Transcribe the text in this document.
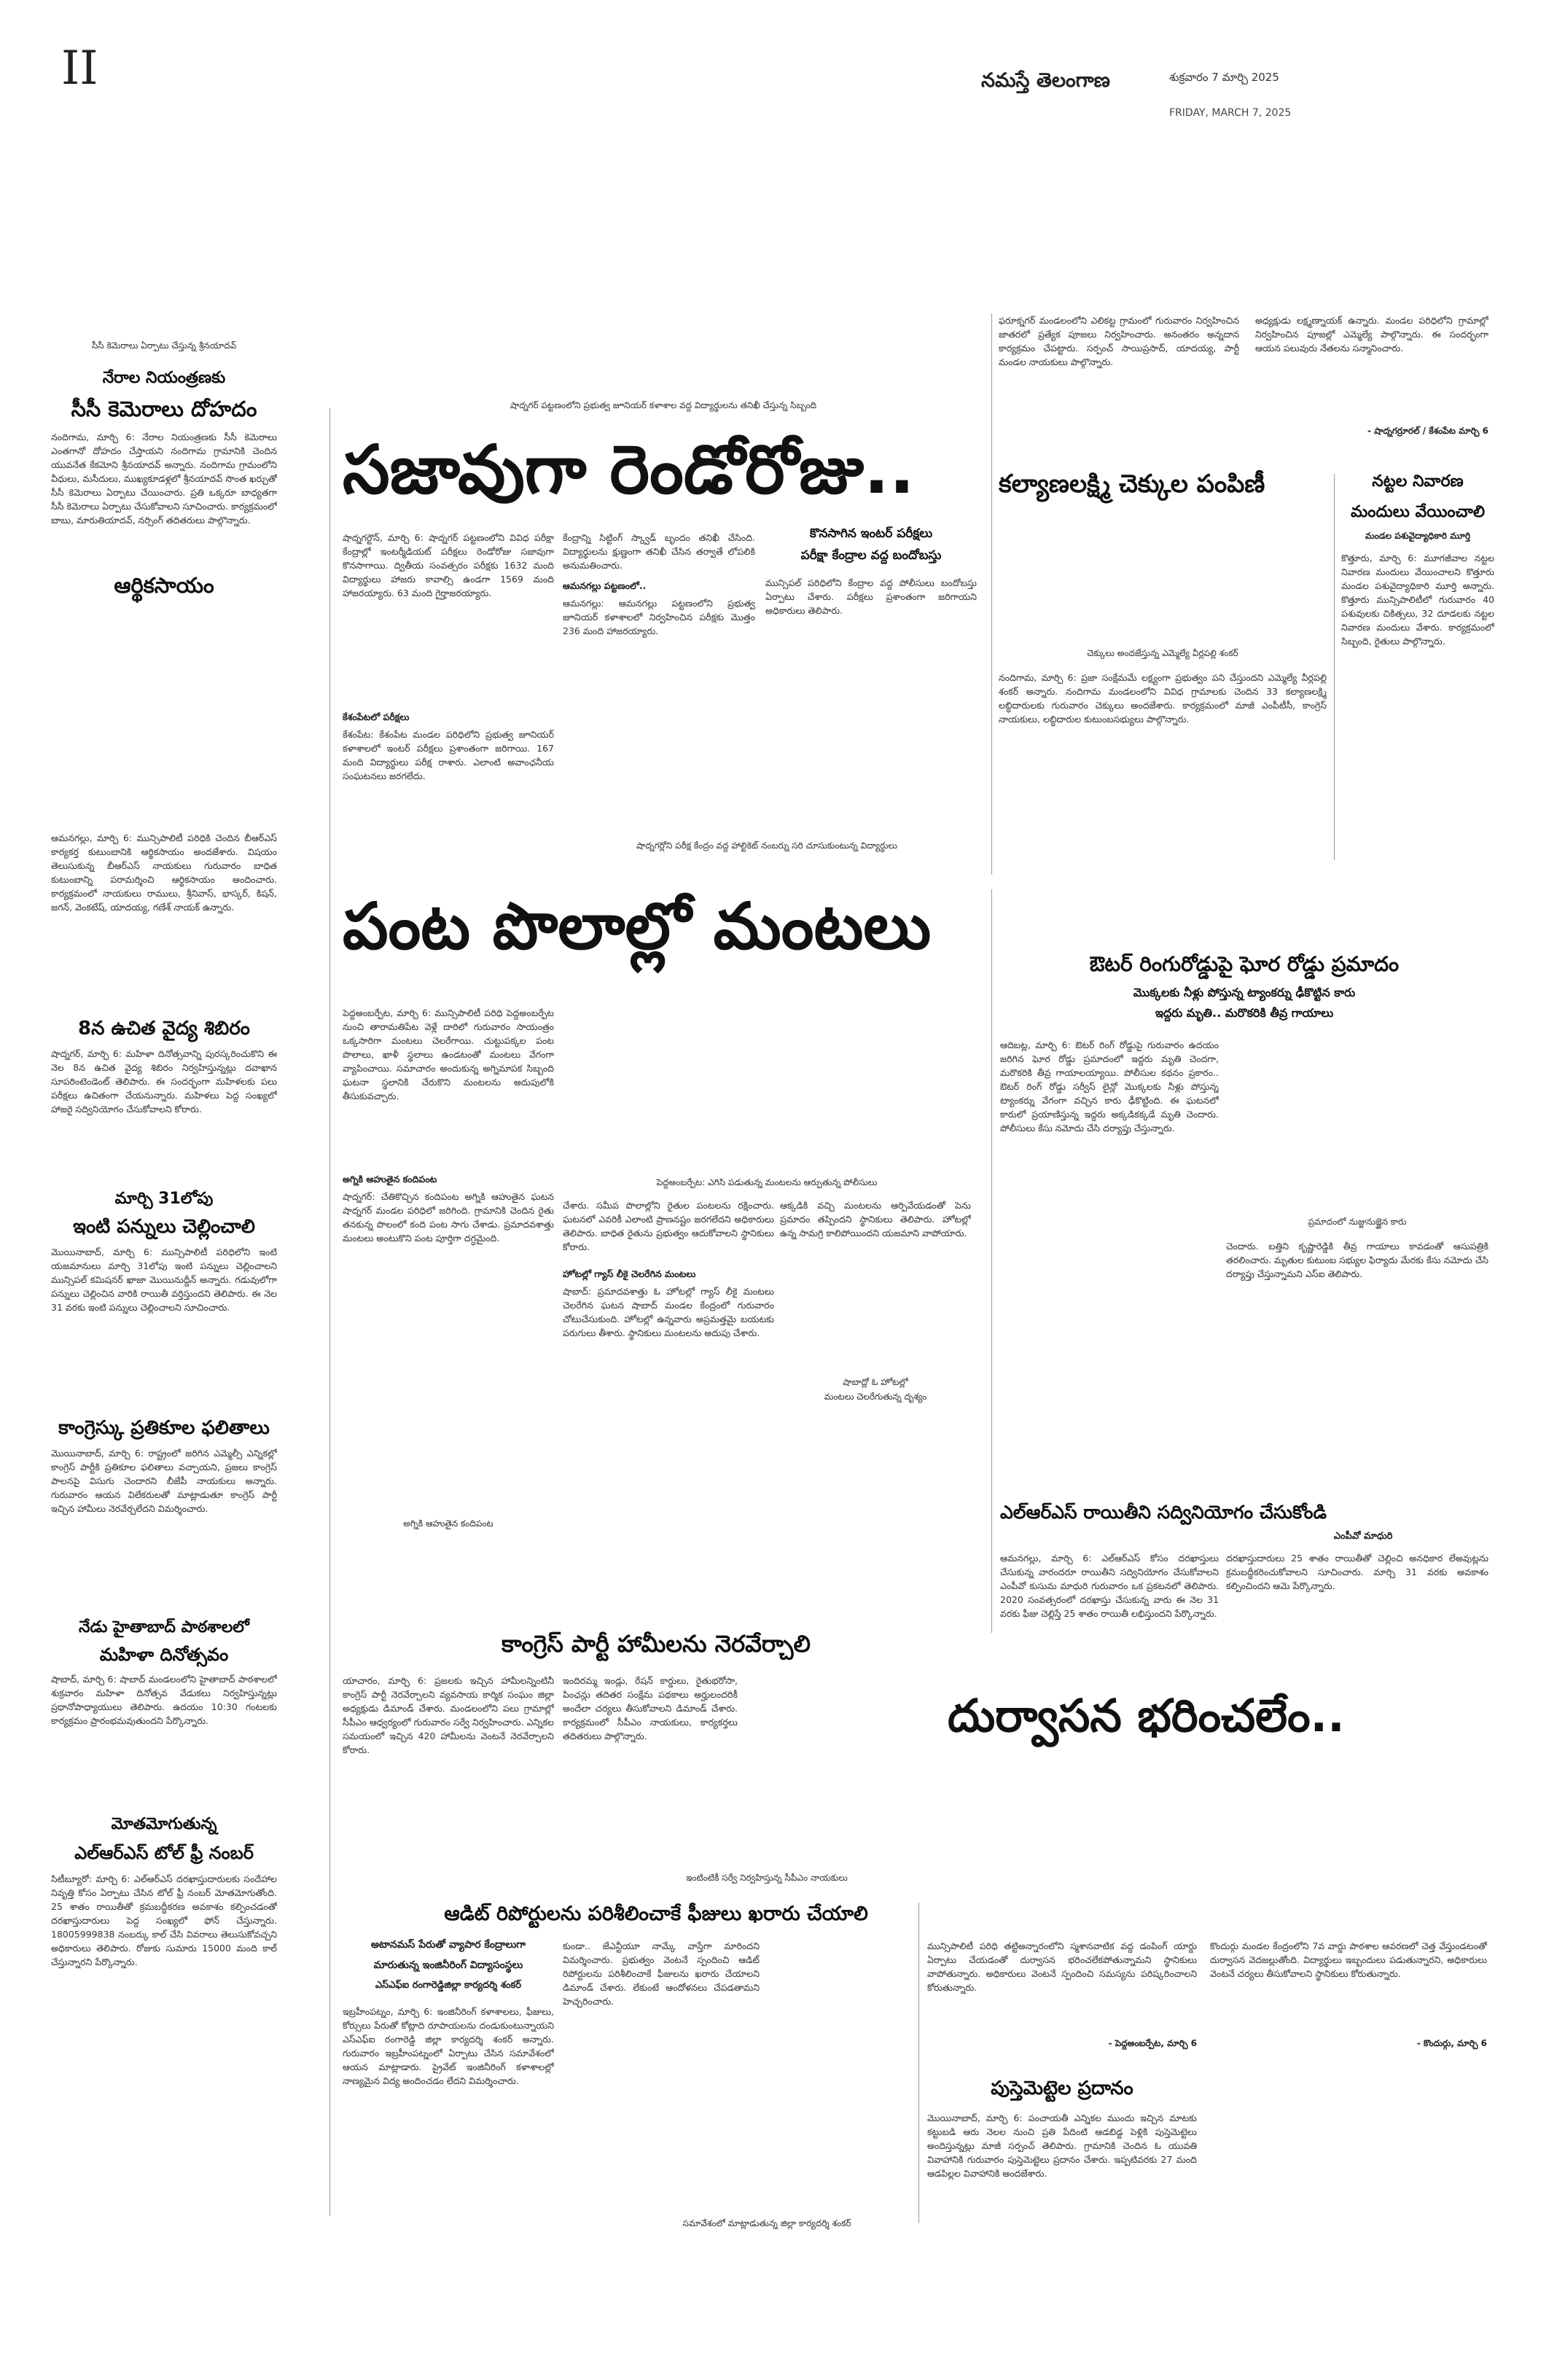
II	నమస్తే తెలంగాణ	శుక్రవారం 7 మార్చి 2025
FRIDAY, MARCH 7, 2025
సీసీ కెమెరాలు ఏర్పాటు చేస్తున్న శ్రీనయాదవ్
నేరాల నియంత్రణకు
సీసీ కెమెరాలు దోహదం
నందిగామ, మార్చి 6: నేరాల నియంత్రణకు సీసీ కెమెరాలు ఎంతగానో దోహదం చేస్తాయని నందిగామ గ్రామానికి చెందిన యువనేత కేకమోని శ్రీనయాదవ్ అన్నారు. నందిగామ గ్రామంలోని వీధులు, మసీదులు, ముఖ్యకూడళ్లలో శ్రీనయాదవ్ సొంత ఖర్చుతో సీసీ కెమెరాలు ఏర్పాటు చేయించారు. ప్రతి ఒక్కరూ బాధ్యతగా సీసీ కెమెరాలు ఏర్పాటు చేసుకోవాలని సూచించారు. కార్యక్రమంలో బాబు, మారుతియాదవ్, నర్సింగ్ తదితరులు పాల్గొన్నారు.
ఆర్థికసాయం
ఆమనగల్లు, మార్చి 6: మున్సిపాలిటీ పరిధికి చెందిన బీఆర్ఎస్ కార్యకర్త కుటుంబానికి ఆర్థికసాయం అందజేశారు. విషయం తెలుసుకున్న బీఆర్ఎస్ నాయకులు గురువారం బాధిత కుటుంబాన్ని పరామర్శించి ఆర్థికసాయం అందించారు. కార్యక్రమంలో నాయకులు రాములు, శ్రీనివాస్, భాస్కర్, కిషన్, జగన్, వెంకటేష్, యాదయ్య, గణేశ్ నాయక్ ఉన్నారు.
8న ఉచిత వైద్య శిబిరం
షాద్నగర్, మార్చి 6: మహిళా దినోత్సవాన్ని పురస్కరించుకొని ఈ నెల 8న ఉచిత వైద్య శిబిరం నిర్వహిస్తున్నట్లు దవాఖాన సూపరింటెండెంట్ తెలిపారు. ఈ సందర్భంగా మహిళలకు పలు పరీక్షలు ఉచితంగా చేయనున్నారు. మహిళలు పెద్ద సంఖ్యలో హాజరై సద్వినియోగం చేసుకోవాలని కోరారు.
మార్చి 31లోపు
ఇంటి పన్నులు చెల్లించాలి
మొయినాబాద్, మార్చి 6: మున్సిపాలిటీ పరిధిలోని ఇంటి యజమానులు మార్చి 31లోపు ఇంటి పన్నులు చెల్లించాలని మున్సిపల్ కమిషనర్ ఖాజా మొయినుద్దీన్ అన్నారు. గడువులోగా పన్నులు చెల్లించిన వారికి రాయితీ వర్తిస్తుందని తెలిపారు. ఈ నెల 31 వరకు ఇంటి పన్నులు చెల్లించాలని సూచించారు.
కాంగ్రెస్కు ప్రతికూల ఫలితాలు
మొయినాబాద్, మార్చి 6: రాష్ట్రంలో జరిగిన ఎమ్మెల్సీ ఎన్నికల్లో కాంగ్రెస్ పార్టీకి ప్రతికూల ఫలితాలు వచ్చాయని, ప్రజలు కాంగ్రెస్ పాలనపై విసుగు చెందారని బీజేపీ నాయకులు అన్నారు. గురువారం ఆయన విలేకరులతో మాట్లాడుతూ కాంగ్రెస్ పార్టీ ఇచ్చిన హామీలు నెరవేర్చలేదని విమర్శించారు.
నేడు హైతాబాద్ పాఠశాలలో
మహిళా దినోత్సవం
షాబాద్, మార్చి 6: షాబాద్ మండలంలోని హైతాబాద్ పాఠశాలలో శుక్రవారం మహిళా దినోత్సవ వేడుకలు నిర్వహిస్తున్నట్లు ప్రధానోపాధ్యాయులు తెలిపారు. ఉదయం 10:30 గంటలకు కార్యక్రమం ప్రారంభమవుతుందని పేర్కొన్నారు.
మోతమోగుతున్న
ఎల్ఆర్ఎస్ టోల్ ఫ్రీ నంబర్
సిటీబ్యూరో: మార్చి 6: ఎల్ఆర్ఎస్ దరఖాస్తుదారులకు సందేహాల నివృత్తి కోసం ఏర్పాటు చేసిన టోల్ ఫ్రీ నంబర్ మోతమోగుతోంది. 25 శాతం రాయితీతో క్రమబద్ధీకరణ అవకాశం కల్పించడంతో దరఖాస్తుదారులు పెద్ద సంఖ్యలో ఫోన్ చేస్తున్నారు. 18005999838 నంబర్కు కాల్ చేసి వివరాలు తెలుసుకోవచ్చని అధికారులు తెలిపారు. రోజుకు సుమారు 15000 మంది కాల్ చేస్తున్నారని పేర్కొన్నారు.
షాద్నగర్ పట్టణంలోని ప్రభుత్వ జూనియర్ కళాశాల వద్ద విద్యార్థులను తనిఖీ చేస్తున్న సిబ్బంది
సజావుగా రెండోరోజు..
షాద్నగర్టౌన్, మార్చి 6: షాద్నగర్ పట్టణంలోని వివిధ పరీక్షా కేంద్రాల్లో ఇంటర్మీడియట్ పరీక్షలు రెండోరోజు సజావుగా కొనసాగాయి. ద్వితీయ సంవత్సరం పరీక్షకు 1632 మంది విద్యార్థులు హాజరు కావాల్సి ఉండగా 1569 మంది హాజరయ్యారు. 63 మంది గైర్హాజరయ్యారు.
కేశంపేటలో పరీక్షలు
కేశంపేట: కేశంపేట మండల పరిధిలోని ప్రభుత్వ జూనియర్ కళాశాలలో ఇంటర్ పరీక్షలు ప్రశాంతంగా జరిగాయి. 167 మంది విద్యార్థులు పరీక్ష రాశారు. ఎలాంటి అవాంఛనీయ సంఘటనలు జరగలేదు.
కేంద్రాన్ని సిట్టింగ్ స్క్వాడ్ బృందం తనిఖీ చేసింది. విద్యార్థులను క్షుణ్ణంగా తనిఖీ చేసిన తర్వాతే లోపలికి అనుమతించారు.
ఆమనగల్లు పట్టణంలో..
ఆమనగల్లు: ఆమనగల్లు పట్టణంలోని ప్రభుత్వ జూనియర్ కళాశాలలో నిర్వహించిన పరీక్షకు మొత్తం 236 మంది హాజరయ్యారు.
షాద్నగర్లోని పరీక్ష కేంద్రం వద్ద హాల్టికెట్ నంబర్ను సరి చూసుకుంటున్న విద్యార్థులు
కొనసాగిన ఇంటర్ పరీక్షలు
పరీక్షా కేంద్రాల వద్ద బందోబస్తు
మున్సిపల్ పరిధిలోని కేంద్రాల వద్ద పోలీసులు బందోబస్తు ఏర్పాటు చేశారు. పరీక్షలు ప్రశాంతంగా జరిగాయని అధికారులు తెలిపారు.
ఫరూక్నగర్ మండలంలోని ఎలికట్ట గ్రామంలో గురువారం నిర్వహించిన జాతరలో ప్రత్యేక పూజలు నిర్వహించారు. అనంతరం అన్నదాన కార్యక్రమం చేపట్టారు. సర్పంచ్ సాయిప్రసాద్, యాదయ్య, పార్టీ మండల నాయకులు పాల్గొన్నారు.
అధ్యక్షుడు లక్ష్మణ్నాయక్ ఉన్నారు. మండల పరిధిలోని గ్రామాల్లో నిర్వహించిన పూజల్లో ఎమ్మెల్యే పాల్గొన్నారు. ఈ సందర్భంగా ఆయన పలువురు నేతలను సన్మానించారు.
- షాద్నగర్రూరల్ / కేశంపేట మార్చి 6
కల్యాణలక్ష్మి చెక్కుల పంపిణీ
చెక్కులు అందజేస్తున్న ఎమ్మెల్యే వీర్లపల్లి శంకర్
నందిగామ, మార్చి 6: ప్రజా సంక్షేమమే లక్ష్యంగా ప్రభుత్వం పని చేస్తుందని ఎమ్మెల్యే వీర్లపల్లి శంకర్ అన్నారు. నందిగామ మండలంలోని వివిధ గ్రామాలకు చెందిన 33 కల్యాణలక్ష్మి లబ్ధిదారులకు గురువారం చెక్కులు అందజేశారు. కార్యక్రమంలో మాజీ ఎంపీటీసీ, కాంగ్రెస్ నాయకులు, లబ్ధిదారుల కుటుంబసభ్యులు పాల్గొన్నారు.
నట్టల నివారణ
మందులు వేయించాలి
మండల పశువైద్యాధికారి మూర్తి
కొత్తూరు, మార్చి 6: మూగజీవాల నట్టల నివారణ మందులు వేయించాలని కొత్తూరు మండల పశువైద్యాధికారి మూర్తి అన్నారు. కొత్తూరు మున్సిపాలిటీలో గురువారం 40 పశువులకు చికిత్సలు, 32 దూడలకు నట్టల నివారణ మందులు వేశారు. కార్యక్రమంలో సిబ్బంది, రైతులు పాల్గొన్నారు.
పంట పొలాల్లో మంటలు
పెద్దఅంబర్పేట, మార్చి 6: మున్సిపాలిటీ పరిధి పెద్దఅంబర్పేట నుంచి తారామతిపేట వెళ్లే దారిలో గురువారం సాయంత్రం ఒక్కసారిగా మంటలు చెలరేగాయి. చుట్టుపక్కల పంట పొలాలు, ఖాళీ స్థలాలు ఉండటంతో మంటలు వేగంగా వ్యాపించాయి. సమాచారం అందుకున్న అగ్నిమాపక సిబ్బంది ఘటనా స్థలానికి చేరుకొని మంటలను అదుపులోకి తీసుకువచ్చారు.
అగ్నికి ఆహుతైన కందిపంట
షాద్నగర్: చేతికొచ్చిన కందిపంట అగ్నికి ఆహుతైన ఘటన షాద్నగర్ మండల పరిధిలో జరిగింది. గ్రామానికి చెందిన రైతు తనకున్న పొలంలో కంది పంట సాగు చేశాడు. ప్రమాదవశాత్తు మంటలు అంటుకొని పంట పూర్తిగా దగ్ధమైంది.
పెద్దఅంబర్పేట: ఎగిసి పడుతున్న మంటలను ఆర్పుతున్న పోలీసులు
చేశారు. సమీప పొలాల్లోని రైతుల పంటలను రక్షించారు. ఘటనలో ఎవరికీ ఎలాంటి ప్రాణనష్టం జరగలేదని అధికారులు తెలిపారు. బాధిత రైతును ప్రభుత్వం ఆదుకోవాలని స్థానికులు కోరారు.
హోటల్లో గ్యాస్ లీకై చెలరేగిన మంటలు
షాబాద్: ప్రమాదవశాత్తు ఓ హోటల్లో గ్యాస్ లీకై మంటలు చెలరేగిన ఘటన షాబాద్ మండల కేంద్రంలో గురువారం చోటుచేసుకుంది. హోటల్లో ఉన్నవారు అప్రమత్తమై బయటకు పరుగులు తీశారు. స్థానికులు మంటలను అదుపు చేశారు.
ఆక్కడికి వచ్చి మంటలను ఆర్పివేయడంతో పెను ప్రమాదం తప్పిందని స్థానికులు తెలిపారు. హోటల్లో ఉన్న సామగ్రి కాలిపోయిందని యజమాని వాపోయారు.
షాబాద్లో ఓ హోటల్లో
మంటలు చెలరేగుతున్న దృశ్యం
అగ్నికి ఆహుతైన కందిపంట
ఔటర్ రింగురోడ్డుపై ఘోర రోడ్డు ప్రమాదం
మొక్కలకు నీళ్లు పోస్తున్న ట్యాంకర్ను ఢీకొట్టిన కారు
ఇద్దరు మృతి.. మరొకరికి తీవ్ర గాయాలు
ఆదిబట్ల, మార్చి 6: ఔటర్ రింగ్ రోడ్డుపై గురువారం ఉదయం జరిగిన ఘోర రోడ్డు ప్రమాదంలో ఇద్దరు మృతి చెందగా, మరొకరికి తీవ్ర గాయాలయ్యాయి. పోలీసుల కథనం ప్రకారం.. ఔటర్ రింగ్ రోడ్డు సర్వీస్ లైన్లో మొక్కలకు నీళ్లు పోస్తున్న ట్యాంకర్ను వేగంగా వచ్చిన కారు ఢీకొట్టింది. ఈ ఘటనలో కారులో ప్రయాణిస్తున్న ఇద్దరు అక్కడికక్కడే మృతి చెందారు. పోలీసులు కేసు నమోదు చేసి దర్యాప్తు చేస్తున్నారు.
ప్రమాదంలో నుజ్జునుజ్జైన కారు
చెందారు. బత్తిని కృష్ణారెడ్డికి తీవ్ర గాయాలు కావడంతో ఆసుపత్రికి తరలించారు. మృతుల కుటుంబ సభ్యుల ఫిర్యాదు మేరకు కేసు నమోదు చేసి దర్యాప్తు చేస్తున్నామని ఎస్ఐ తెలిపారు.
ఎల్ఆర్ఎస్ రాయితీని సద్వినియోగం చేసుకోండి
ఎంపీవో మాధురి
ఆమనగల్లు, మార్చి 6: ఎల్ఆర్ఎస్ కోసం దరఖాస్తులు చేసుకున్న వారందరూ రాయితీని సద్వినియోగం చేసుకోవాలని ఎంపీవో కుసుమ మాధురి గురువారం ఒక ప్రకటనలో తెలిపారు. 2020 సంవత్సరంలో దరఖాస్తు చేసుకున్న వారు ఈ నెల 31 వరకు ఫీజు చెల్లిస్తే 25 శాతం రాయితీ లభిస్తుందని పేర్కొన్నారు.
దరఖాస్తుదారులు 25 శాతం రాయితీతో చెల్లించి అనధికార లేఅవుట్లను క్రమబద్ధీకరించుకోవాలని సూచించారు. మార్చి 31 వరకు అవకాశం కల్పించిందని ఆమె పేర్కొన్నారు.
కాంగ్రెస్ పార్టీ హామీలను నెరవేర్చాలి
యాచారం, మార్చి 6: ప్రజలకు ఇచ్చిన హామీలన్నింటినీ కాంగ్రెస్ పార్టీ నెరవేర్చాలని వ్యవసాయ కార్మిక సంఘం జిల్లా అధ్యక్షుడు డిమాండ్ చేశారు. మండలంలోని పలు గ్రామాల్లో సీపీఎం ఆధ్వర్యంలో గురువారం సర్వే నిర్వహించారు. ఎన్నికల సమయంలో ఇచ్చిన 420 హామీలను వెంటనే నెరవేర్చాలని కోరారు.
ఇందిరమ్మ ఇండ్లు, రేషన్ కార్డులు, రైతుభరోసా, పింఛన్లు తదితర సంక్షేమ పథకాలు అర్హులందరికీ అందేలా చర్యలు తీసుకోవాలని డిమాండ్ చేశారు. కార్యక్రమంలో సీపీఎం నాయకులు, కార్యకర్తలు తదితరులు పాల్గొన్నారు.
ఇంటింటికీ సర్వే నిర్వహిస్తున్న సీపీఎం నాయకులు
దుర్వాసన భరించలేం..
ఆడిట్ రిపోర్టులను పరిశీలించాకే ఫీజులు ఖరారు చేయాలి
అటానమస్ పేరుతో వ్యాపార కేంద్రాలుగా
మారుతున్న ఇంజినీరింగ్ విద్యాసంస్థలు
ఎస్ఎఫ్ఐ రంగారెడ్డిజిల్లా కార్యదర్శి శంకర్
ఇబ్రహీంపట్నం, మార్చి 6: ఇంజినీరింగ్ కళాశాలలు, ఫీజులు, కోర్సులు పేరుతో కోట్లాది రూపాయలను దండుకుంటున్నాయని ఎస్ఎఫ్ఐ రంగారెడ్డి జిల్లా కార్యదర్శి శంకర్ అన్నారు. గురువారం ఇబ్రహీంపట్నంలో ఏర్పాటు చేసిన సమావేశంలో ఆయన మాట్లాడారు. ప్రైవేట్ ఇంజినీరింగ్ కళాశాలల్లో నాణ్యమైన విద్య అందించడం లేదని విమర్శించారు.
కుండా.. జేఎన్టీయూ నామ్కే వాస్తేగా మారిందని విమర్శించారు. ప్రభుత్వం వెంటనే స్పందించి ఆడిట్ రిపోర్టులను పరిశీలించాకే ఫీజులను ఖరారు చేయాలని డిమాండ్ చేశారు. లేకుంటే ఆందోళనలు చేపడతామని హెచ్చరించారు.
సమావేశంలో మాట్లాడుతున్న జిల్లా కార్యదర్శి శంకర్
మున్సిపాలిటీ పరిధి తట్టిఅన్నారంలోని స్మశానవాటిక వద్ద డంపింగ్ యార్డు ఏర్పాటు చేయడంతో దుర్వాసన భరించలేకపోతున్నామని స్థానికులు వాపోతున్నారు. అధికారులు వెంటనే స్పందించి సమస్యను పరిష్కరించాలని కోరుతున్నారు.
- పెద్దఅంబర్పేట, మార్చి 6
కొందుర్గు మండల కేంద్రంలోని 7వ వార్డు పాఠశాల ఆవరణలో చెత్త వేస్తుండటంతో దుర్వాసన వెదజల్లుతోంది. విద్యార్థులు ఇబ్బందులు పడుతున్నారని, అధికారులు వెంటనే చర్యలు తీసుకోవాలని స్థానికులు కోరుతున్నారు.
- కొందుర్గు, మార్చి 6
పుస్తెమెట్టెల ప్రదానం
మొయినాబాద్, మార్చి 6: పంచాయతీ ఎన్నికల ముందు ఇచ్చిన మాటకు కట్టుబడి ఆరు నెలల నుంచి ప్రతి పేదింటి ఆడబిడ్డ పెళ్లికి పుస్తెమెట్టెలు అందిస్తున్నట్లు మాజీ సర్పంచ్ తెలిపారు. గ్రామానికి చెందిన ఓ యువతి వివాహానికి గురువారం పుస్తెమెట్టెలు ప్రదానం చేశారు. ఇప్పటివరకు 27 మంది ఆడపిల్లల వివాహానికి అందజేశారు.
